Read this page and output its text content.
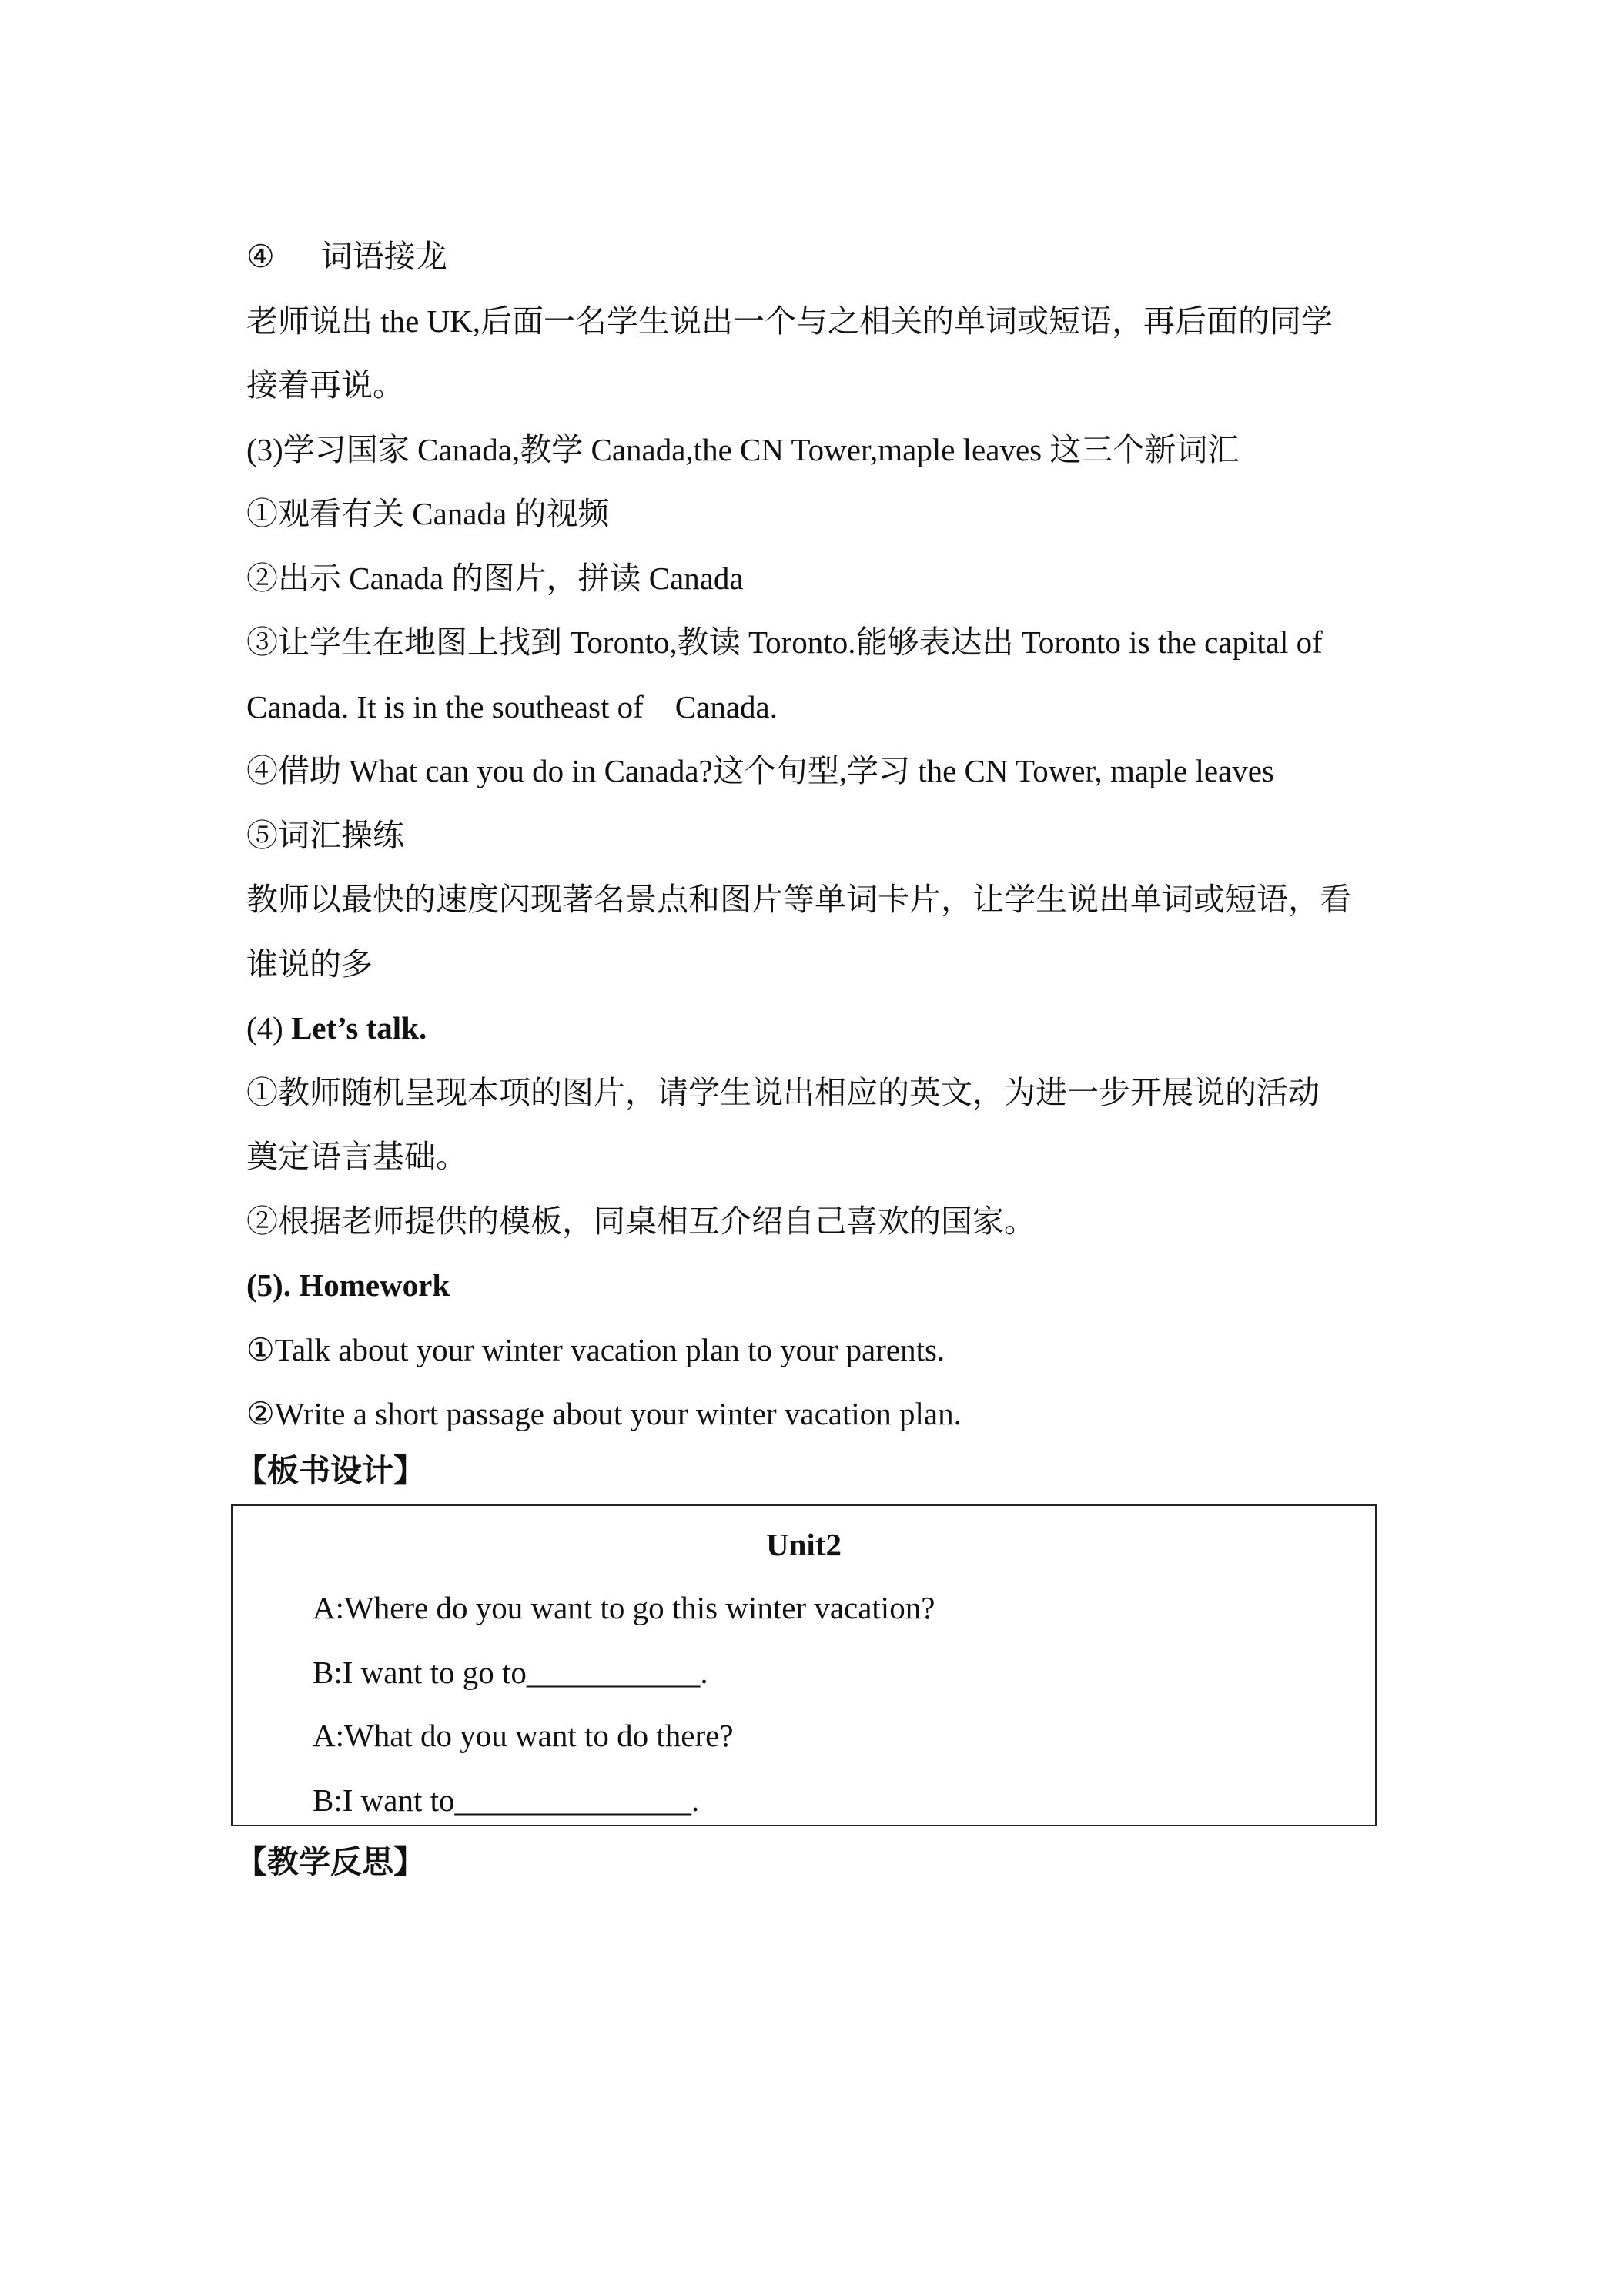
④ 词语接龙

老师说出 the UK,后面一名学生说出一个与之相关的单词或短语，再后面的同学

接着再说。

(3)学习国家 Canada,教学 Canada,the CN Tower,maple leaves 这三个新词汇

①观看有关 Canada 的视频

②出示 Canada 的图片，拼读 Canada

③让学生在地图上找到 Toronto,教读 Toronto.能够表达出 Toronto is the capital of

Canada. It is in the southeast of    Canada.

④借助 What can you do in Canada?这个句型,学习 the CN Tower, maple leaves

⑤词汇操练

教师以最快的速度闪现著名景点和图片等单词卡片，让学生说出单词或短语，看

谁说的多

(4) Let’s talk.

①教师随机呈现本项的图片，请学生说出相应的英文，为进一步开展说的活动

奠定语言基础。

②根据老师提供的模板，同桌相互介绍自己喜欢的国家。

(5). Homework

①Talk about your winter vacation plan to your parents.

②Write a short passage about your winter vacation plan.

【板书设计】
Unit2
A:Where do you want to go this winter vacation?
B:I want to go to___________.
A:What do you want to do there?
B:I want to_______________.
【教学反思】
